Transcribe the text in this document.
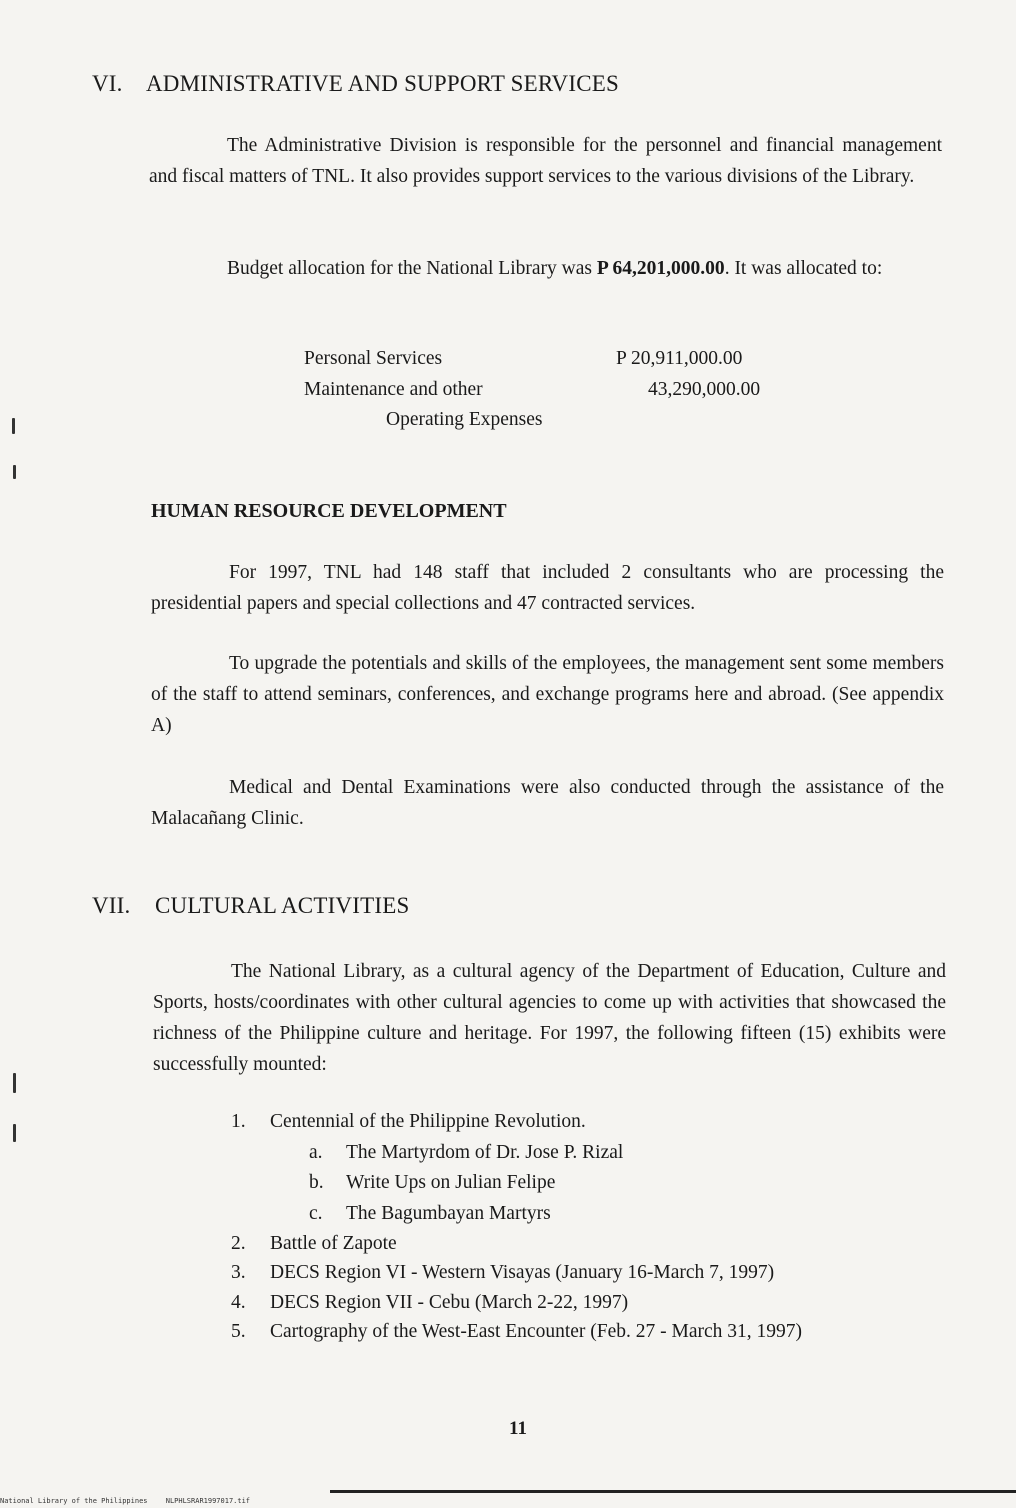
VI. ADMINISTRATIVE AND SUPPORT SERVICES
The Administrative Division is responsible for the personnel and financial management and fiscal matters of TNL. It also provides support services to the various divisions of the Library.
Budget allocation for the National Library was P 64,201,000.00. It was allocated to:
Personal Services	P 20,911,000.00
Maintenance and other	43,290,000.00
Operating Expenses
HUMAN RESOURCE DEVELOPMENT
For 1997, TNL had 148 staff that included 2 consultants who are processing the presidential papers and special collections and 47 contracted services.
To upgrade the potentials and skills of the employees, the management sent some members of the staff to attend seminars, conferences, and exchange programs here and abroad. (See appendix A)
Medical and Dental Examinations were also conducted through the assistance of the Malacañang Clinic.
VII. CULTURAL ACTIVITIES
The National Library, as a cultural agency of the Department of Education, Culture and Sports, hosts/coordinates with other cultural agencies to come up with activities that showcased the richness of the Philippine culture and heritage. For 1997, the following fifteen (15) exhibits were successfully mounted:
1. Centennial of the Philippine Revolution.
a. The Martyrdom of Dr. Jose P. Rizal
b. Write Ups on Julian Felipe
c. The Bagumbayan Martyrs
2. Battle of Zapote
3. DECS Region VI - Western Visayas (January 16-March 7, 1997)
4. DECS Region VII - Cebu (March 2-22, 1997)
5. Cartography of the West-East Encounter (Feb. 27 - March 31, 1997)
11
National Library of the Philippines	NLPHLSRAR1997017.tif
